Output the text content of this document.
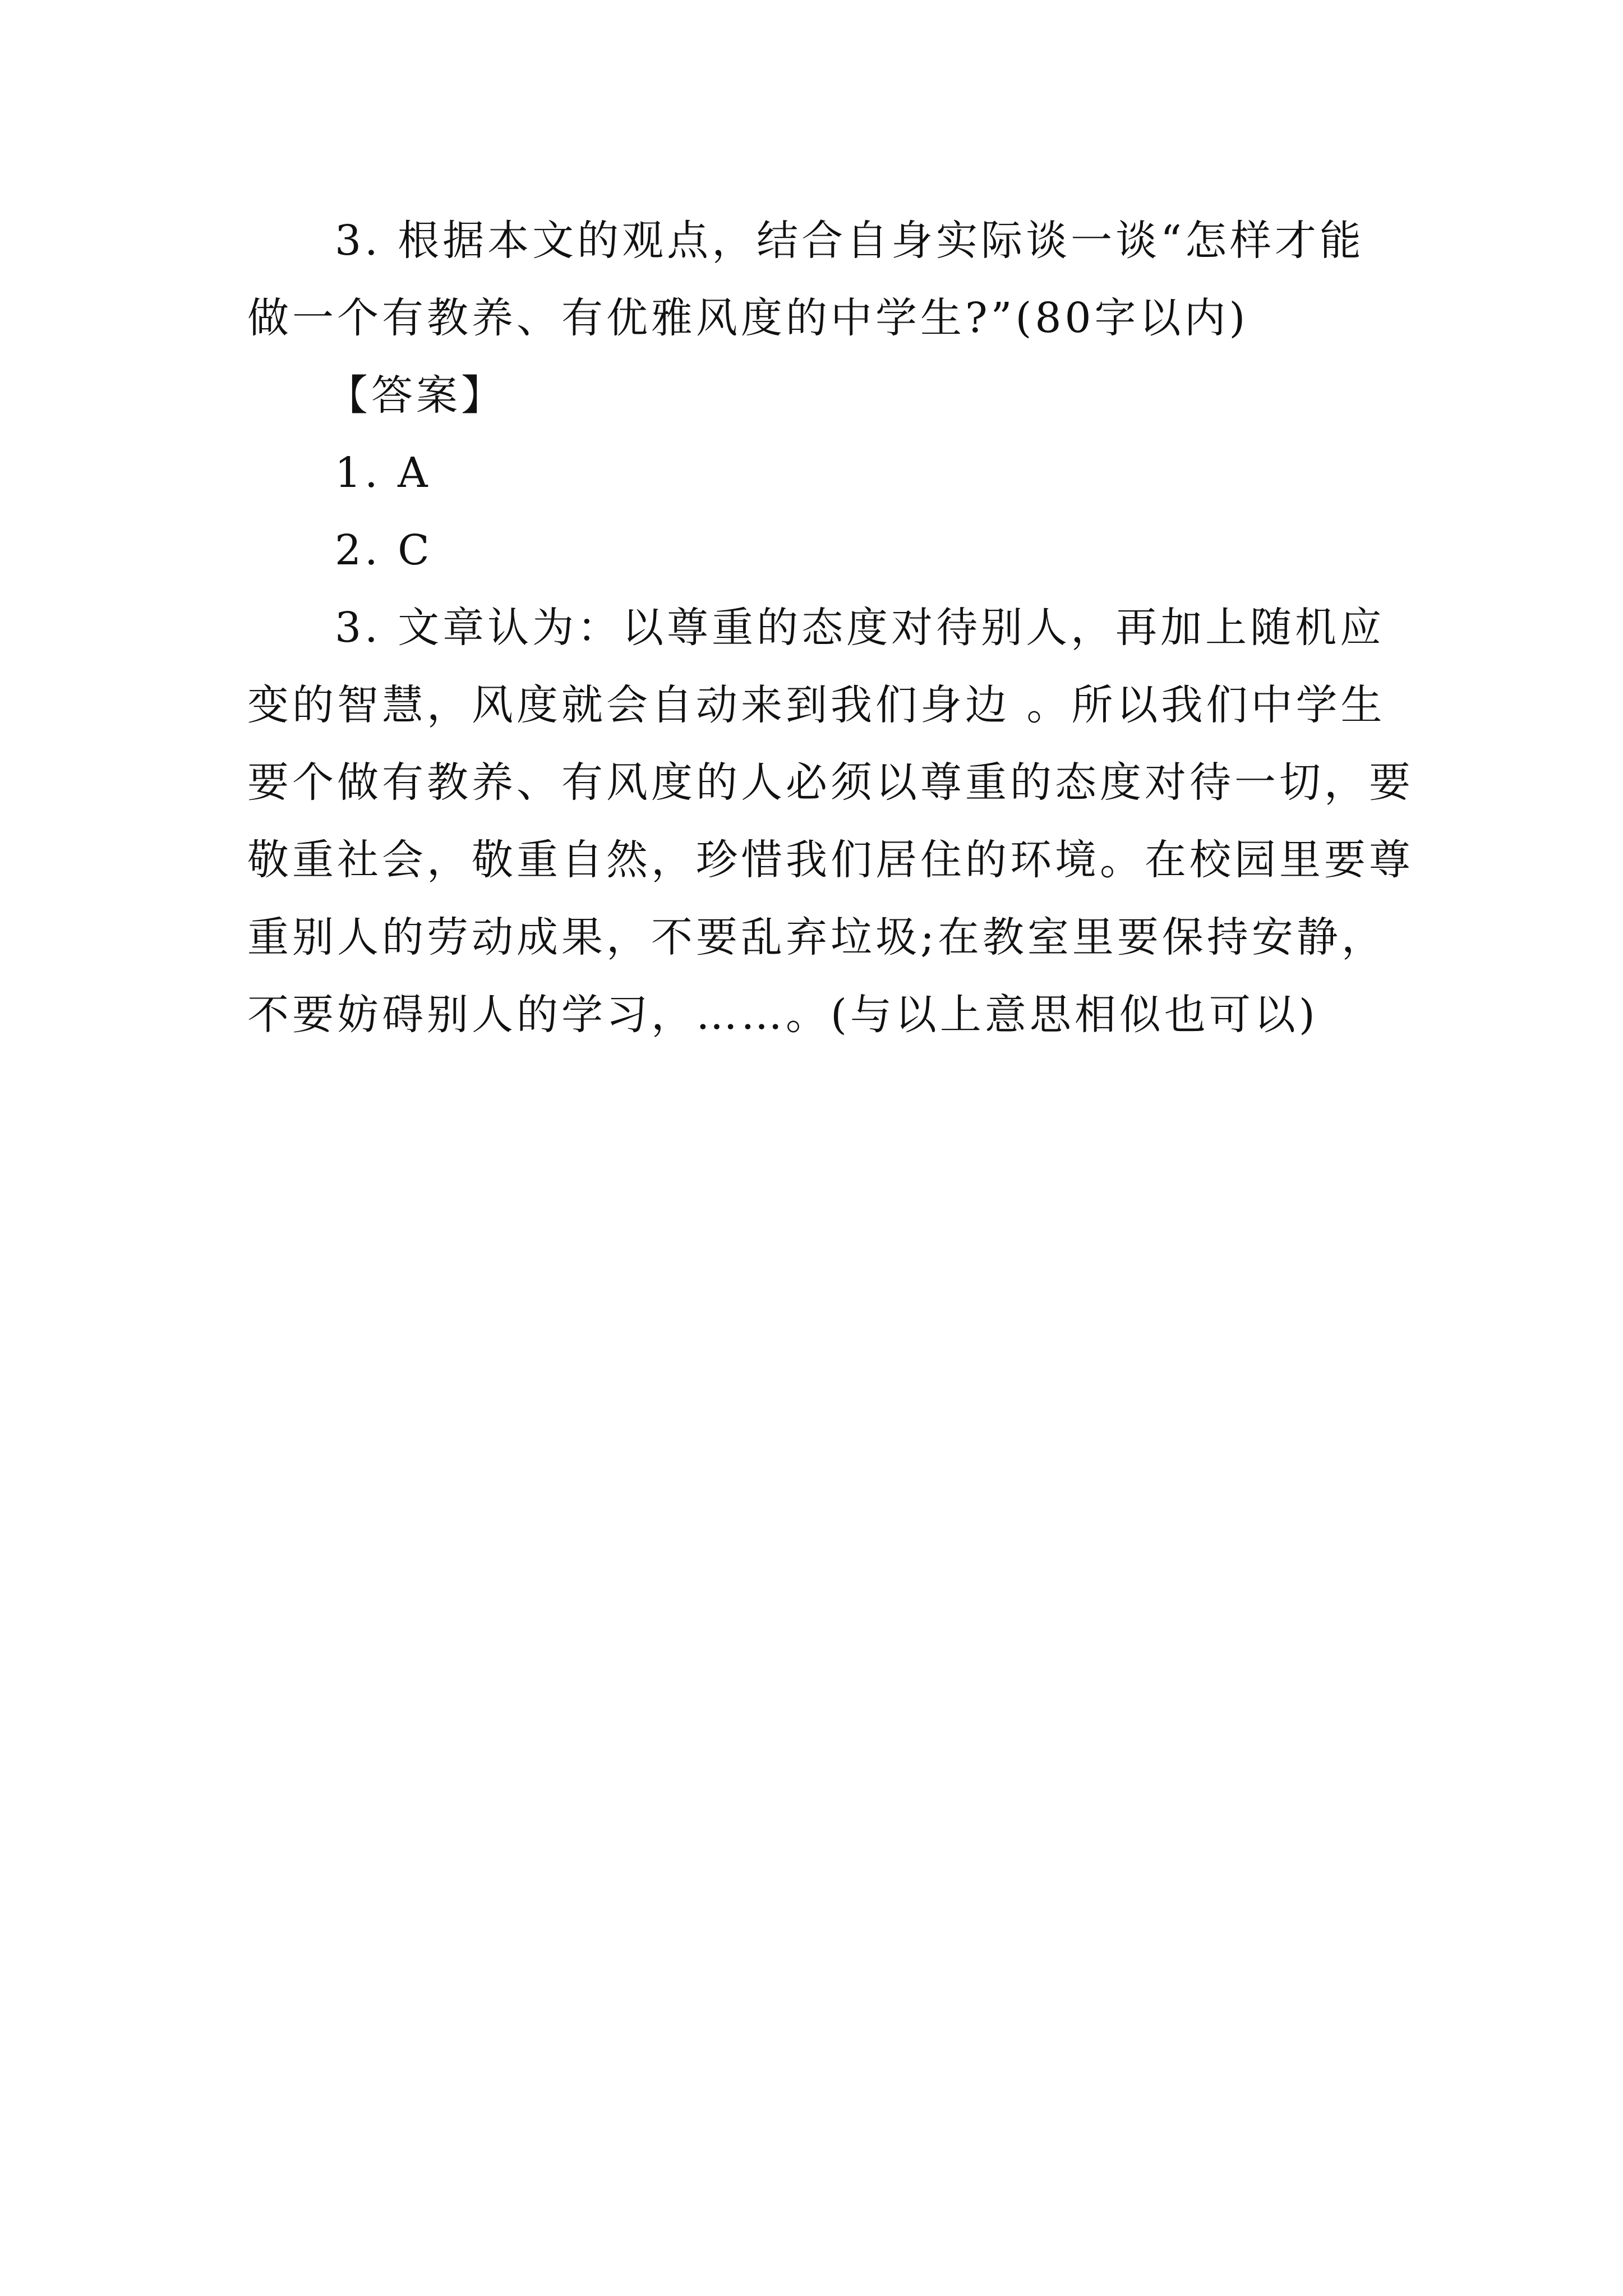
3. 根据本文的观点，结合自身实际谈一谈“怎样才能
做一个有教养、有优雅风度的中学生?”(80字以内)
【答案】
1. A
2. C
3. 文章认为：以尊重的态度对待别人，再加上随机应
变的智慧，风度就会自动来到我们身边 。所以我们中学生
要个做有教养、有风度的人必须以尊重的态度对待一切，要
敬重社会，敬重自然，珍惜我们居住的环境。在校园里要尊
重别人的劳动成果，不要乱弃垃圾;在教室里要保持安静，
不要妨碍别人的学习，……。(与以上意思相似也可以)
